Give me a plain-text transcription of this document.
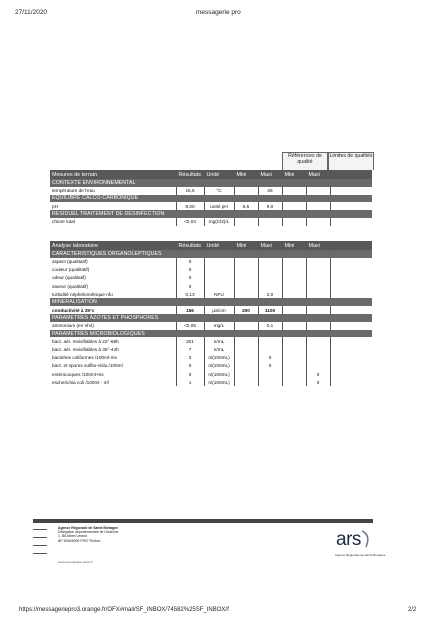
27/11/2020	messagerie pro
Références de qualité
Limites de qualités
Mesures de terrain	Résultats	Unité	Mini	Maxi	Mini	Maxi	
CONTEXTE ENVIRONNEMENTAL							
température de l'eau	15,6	°C		25			
EQUILIBRE CALCO-CARBONIQUE							
pH	8,00	unité pH	6,5	9,0			
RESIDUEL TRAITEMENT DE DESINFECTION							
chlore total	<0,04	mg(Cl2)/L					
Analyse laboratoire	Résultats	Unité	Mini	Maxi	Mini	Maxi	
CARACTERISTIQUES ORGANOLEPTIQUES							
aspect (qualitatif)	0						
couleur (qualitatif)	0						
odeur (qualitatif)	0						
saveur (qualitatif)	0						
turbidité néphélométrique nfu	0,13	NFU		2,0			
MINERALISATION							
conductivité à 25°c	156	µS/cm	200	1100			
PARAMETRES AZOTES ET PHOSPHORES							
ammonium (en nh4)	<0,05	mg/L		0,1			
PARAMETRES MICROBIOLOGIQUES							
bact. aér. revivifiables à 22°-68h	201	n/mL					
bact. aér. revivifiables à 36°-44h	7	n/mL					
bactéries coliformes /100ml-ms	3	n/(100mL)		0			
bact. et spores sulfito-rédu./100ml	0	n/(100mL)		0			
entérocoques /100ml-ms	0	n/(100mL)				0	
escherichia coli /100ml - mf	1	n/(100mL)				0	
Agence Régionale de Santé Bretagne
Délégation départementale de l'Ardèche
1, Bd Albert Lerand
BP 3056/5009 FR07 Roibon
www.ars.bretagne.sante.fr
ars
Agence Régionale de Santé Bretagne
https://messageriepro3.orange.fr/OFX#mail/SF_INBOX/74582%25SF_INBOX/f	2/2
